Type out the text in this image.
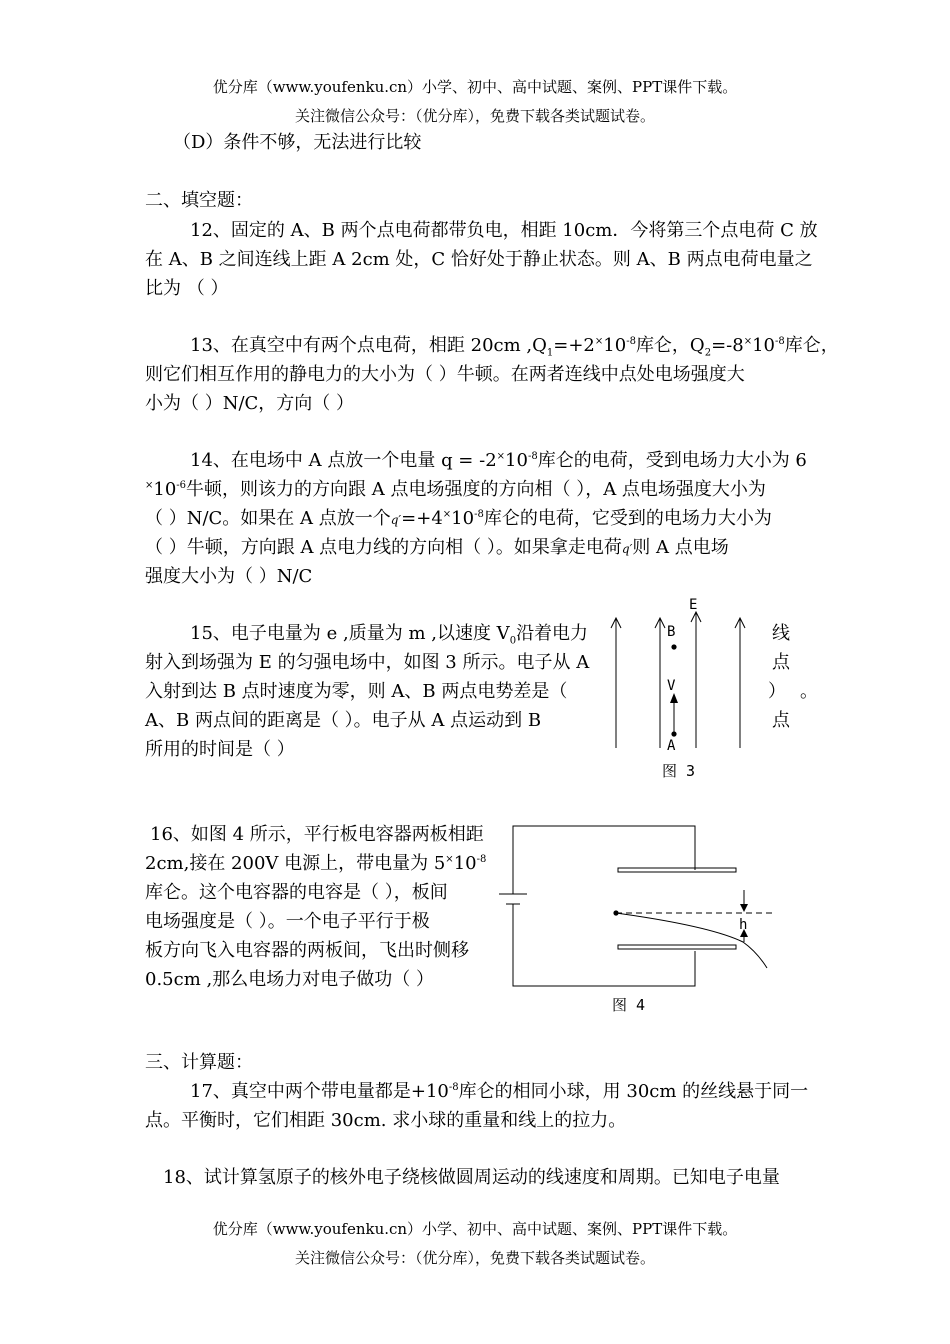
优分库（www.youfenku.cn）小学、初中、高中试题、案例、PPT课件下载。
关注微信公众号：（优分库），免费下载各类试题试卷。
（D）条件不够，无法进行比较
二、填空题：
12、固定的 A、B 两个点电荷都带负电，相距 10cm．今将第三个点电荷 C 放
在 A、B 之间连线上距 A 2cm 处，C 恰好处于静止状态。则 A、B 两点电荷电量之
比为 （ ）
13、在真空中有两个点电荷，相距 20cm $,Q_1=+2^\times 10^{-8}$库仑，$Q_2=-8^\times 10^{-8}$库仑，
则它们相互作用的静电力的大小为（ ）牛顿。在两者连线中点处电场强度大
小为（ ）N/C，方向（ ）
14、在电场中 A 点放一个电量 $q = -2^\times 10^{-8}$库仑的电荷，受到电场力大小为 6
$^\times 10^{-6}$牛顿，则该力的方向跟 A 点电场强度的方向相（ ），A 点电场强度大小为
（ ）N/C。如果在 A 点放一个$q'=+4^\times 10^{-8}$库仑的电荷，它受到的电场力大小为
（ ）牛顿，方向跟 A 点电力线的方向相（ ）。如果拿走电荷q′则 A 点电场
强度大小为（ ）N/C
15、电子电量为 e ,质量为 m ,以速度 $V_0$沿着电力
射入到场强为 E 的匀强电场中，如图 3 所示。电子从 A
入射到达 B 点时速度为零，则 A、B 两点电势差是（
A、B 两点间的距离是（ ）。电子从 A 点运动到 B
所用的时间是（ ）
线
点
） 。
点
E
B
V
A
图 3
16、如图 4 所示，平行板电容器两板相距
2cm,接在 200V 电源上，带电量为 $5^\times 10^{-8}$
库仑。这个电容器的电容是（ ），板间
电场强度是（ ）。一个电子平行于极
板方向飞入电容器的两板间，飞出时侧移
0.5cm ,那么电场力对电子做功（ ）
h
图 4
三、计算题：
17、真空中两个带电量都是$+10^{-8}$库仑的相同小球，用 30cm 的丝线悬于同一
点。平衡时，它们相距 30cm. 求小球的重量和线上的拉力。
18、试计算氢原子的核外电子绕核做圆周运动的线速度和周期。已知电子电量
优分库（www.youfenku.cn）小学、初中、高中试题、案例、PPT课件下载。
关注微信公众号：（优分库），免费下载各类试题试卷。
